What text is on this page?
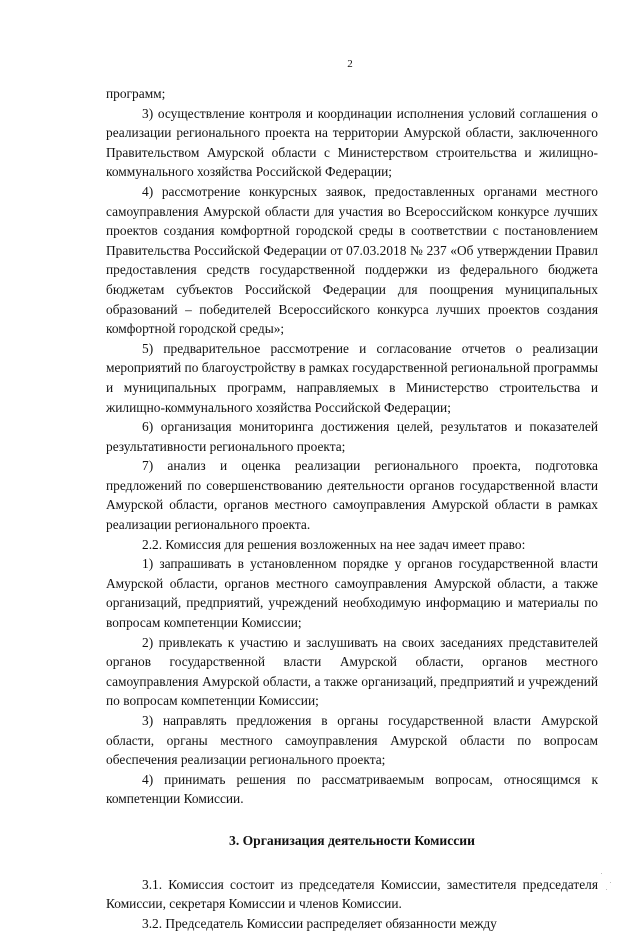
2

программ;

3) осуществление контроля и координации исполнения условий соглашения о реализации регионального проекта на территории Амурской области, заключенного Правительством Амурской области с Министерством строительства и жилищно-коммунального хозяйства Российской Федерации;

4) рассмотрение конкурсных заявок, предоставленных органами местного самоуправления Амурской области для участия во Всероссийском конкурсе лучших проектов создания комфортной городской среды в соответствии с постановлением Правительства Российской Федерации от 07.03.2018 № 237 «Об утверждении Правил предоставления средств государственной поддержки из федерального бюджета бюджетам субъектов Российской Федерации для поощрения муниципальных образований – победителей Всероссийского конкурса лучших проектов создания комфортной городской среды»;

5) предварительное рассмотрение и согласование отчетов о реализации мероприятий по благоустройству в рамках государственной региональной программы и муниципальных программ, направляемых в Министерство строительства и жилищно-коммунального хозяйства Российской Федерации;

6) организация мониторинга достижения целей, результатов и показателей результативности регионального проекта;

7) анализ и оценка реализации регионального проекта, подготовка предложений по совершенствованию деятельности органов государственной власти Амурской области, органов местного самоуправления Амурской области в рамках реализации регионального проекта.

2.2. Комиссия для решения возложенных на нее задач имеет право:

1) запрашивать в установленном порядке у органов государственной власти Амурской области, органов местного самоуправления Амурской области, а также организаций, предприятий, учреждений необходимую информацию и материалы по вопросам компетенции Комиссии;

2) привлекать к участию и заслушивать на своих заседаниях представителей органов государственной власти Амурской области, органов местного самоуправления Амурской области, а также организаций, предприятий и учреждений по вопросам компетенции Комиссии;

3) направлять предложения в органы государственной власти Амурской области, органы местного самоуправления Амурской области по вопросам обеспечения реализации регионального проекта;

4) принимать решения по рассматриваемым вопросам, относящимся к компетенции Комиссии.

3. Организация деятельности Комиссии

3.1. Комиссия состоит из председателя Комиссии, заместителя председателя Комиссии, секретаря Комиссии и членов Комиссии.

3.2. Председатель Комиссии распределяет обязанности между
